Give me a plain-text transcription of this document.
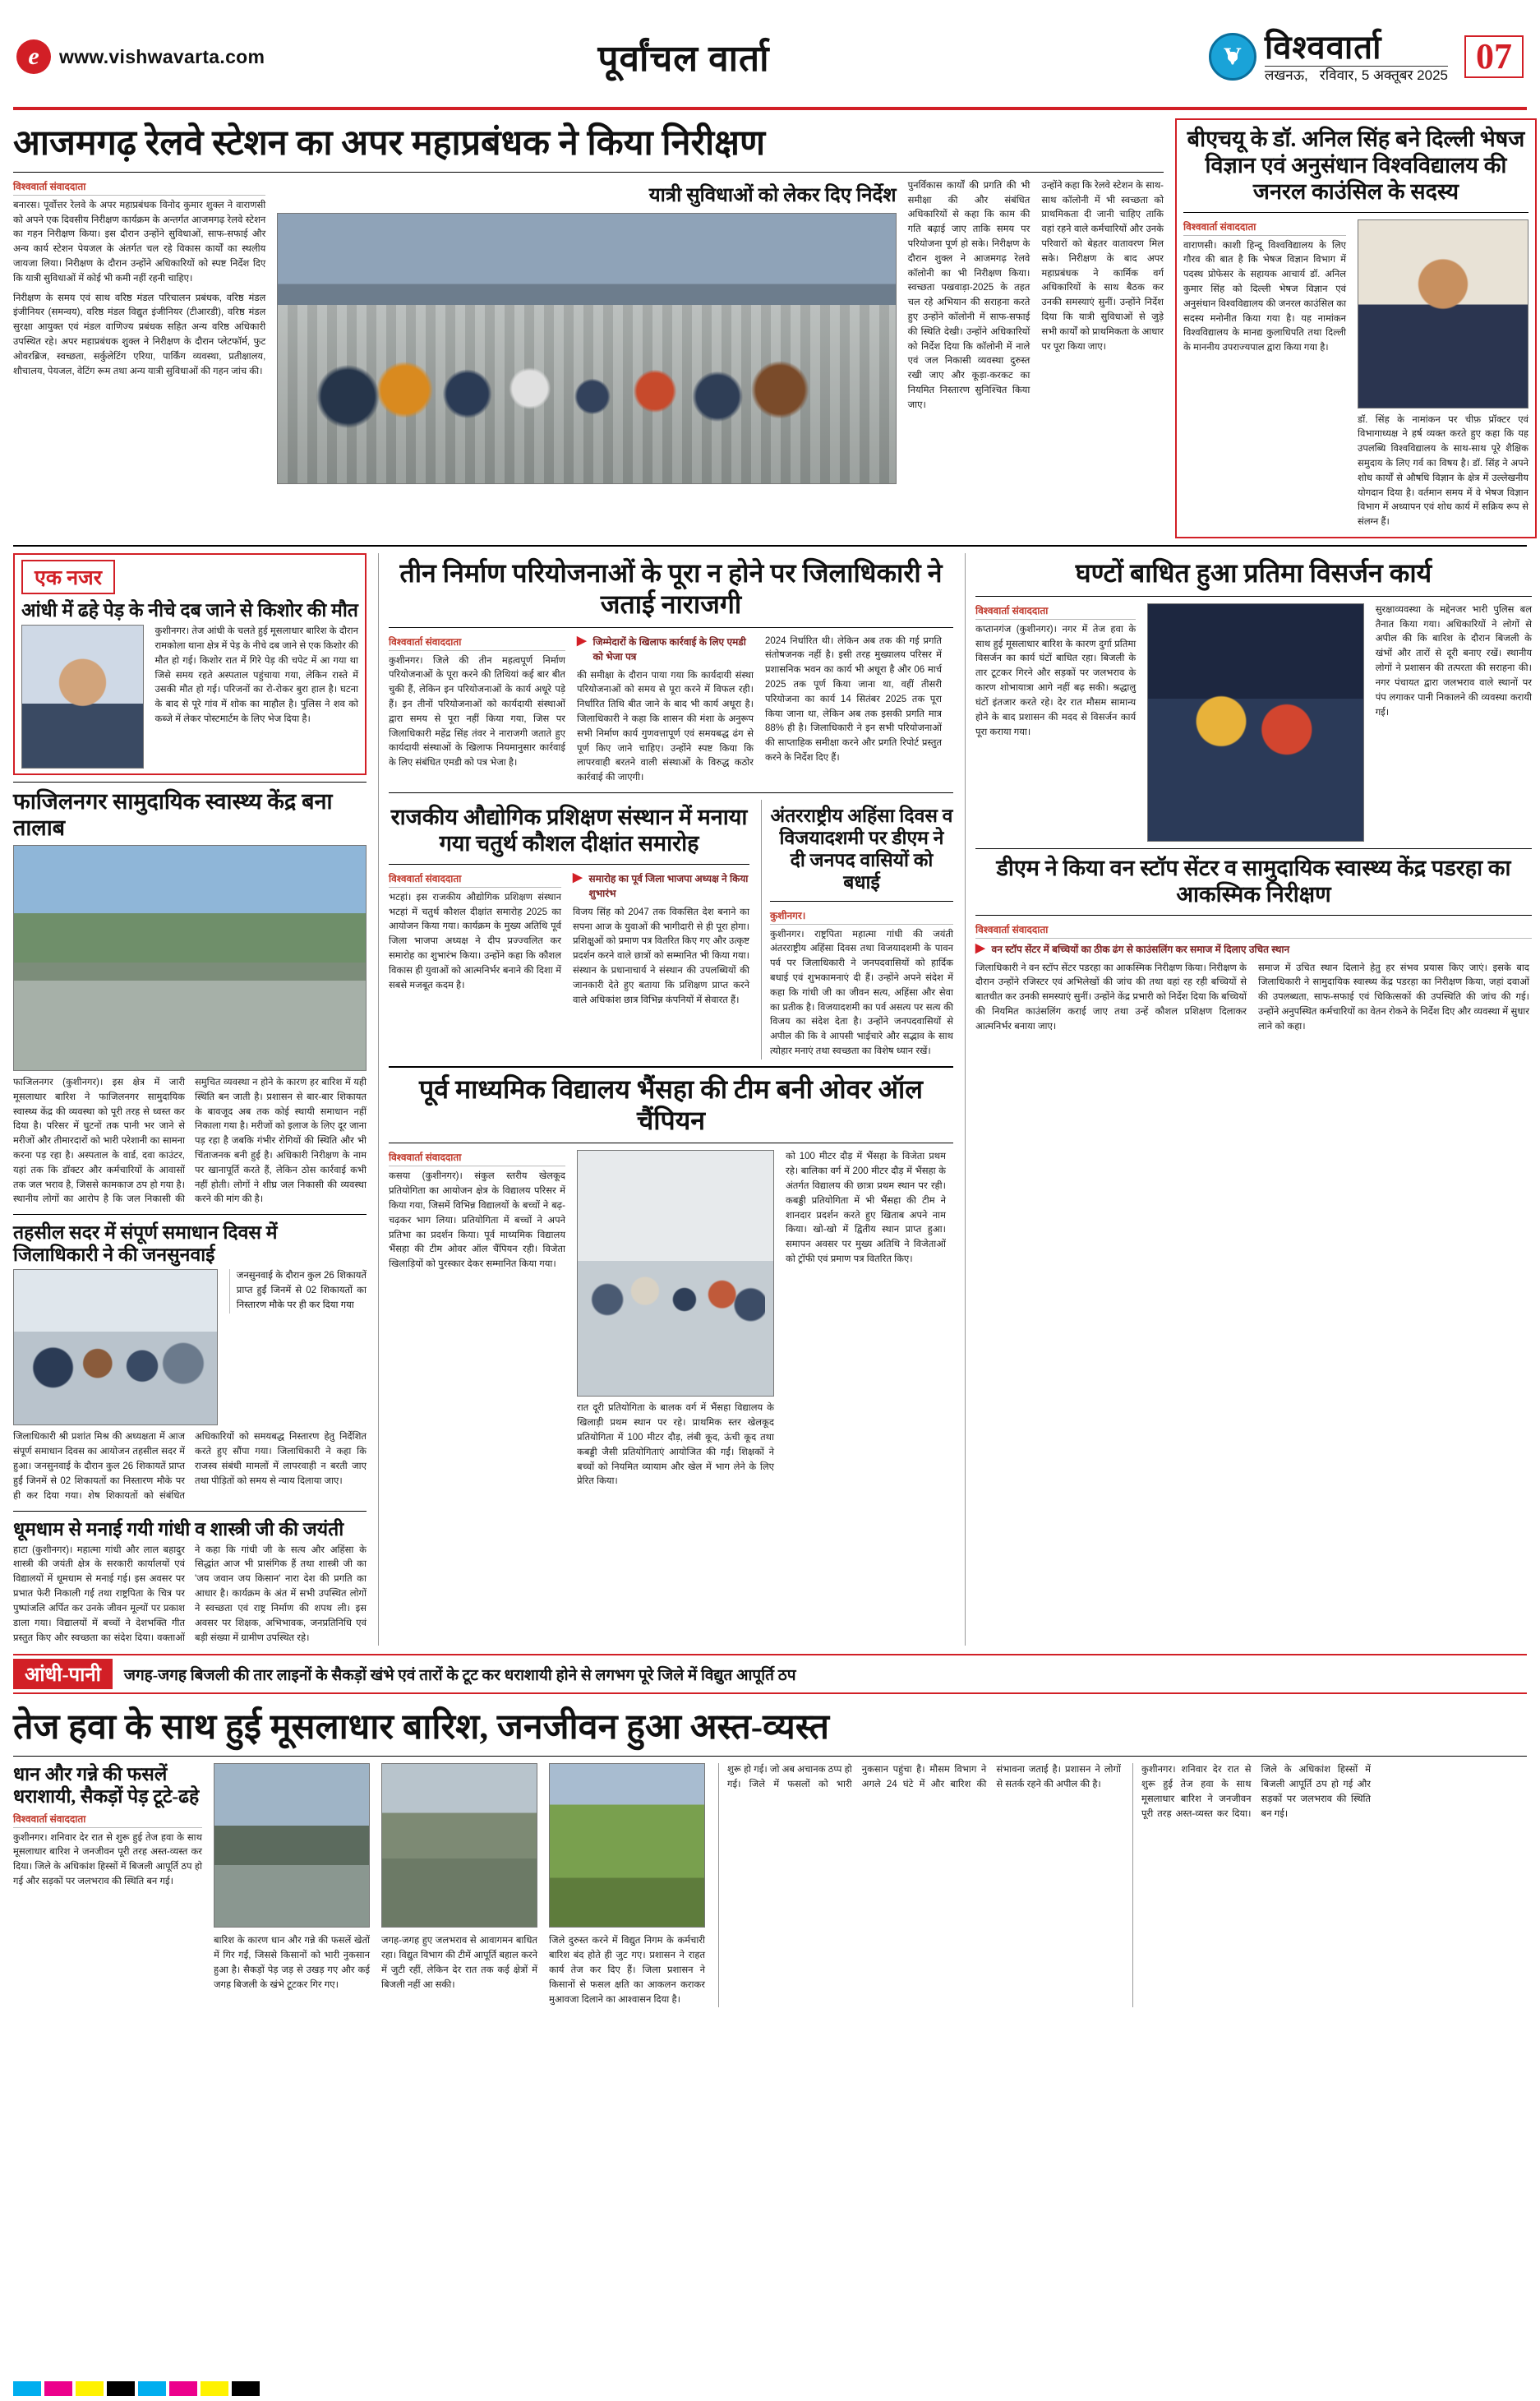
e	www.vishwavarta.com	पूर्वांचल वार्ता V	विश्ववार्ता
लखनऊ, रविवार, 5 अक्तूबर 2025 07
आजमगढ़ रेलवे स्टेशन का अपर महाप्रबंधक ने किया निरीक्षण
विश्ववार्ता संवाददाता
बनारस। पूर्वोत्तर रेलवे के अपर महाप्रबंधक विनोद कुमार शुक्ल ने वाराणसी को अपने एक दिवसीय निरीक्षण कार्यक्रम के अन्तर्गत आजमगढ़ रेलवे स्टेशन का गहन निरीक्षण किया। इस दौरान उन्होंने सुविधाओं, साफ-सफाई और अन्य कार्य स्टेशन पेयजल के अंतर्गत चल रहे विकास कार्यों का स्थलीय जायजा लिया। निरीक्षण के दौरान उन्होंने अधिकारियों को स्पष्ट निर्देश दिए कि यात्री सुविधाओं में कोई भी कमी नहीं रहनी चाहिए।
निरीक्षण के समय एवं साथ वरिष्ठ मंडल परिचालन प्रबंधक, वरिष्ठ मंडल इंजीनियर (समन्वय), वरिष्ठ मंडल विद्युत इंजीनियर (टीआरडी), वरिष्ठ मंडल सुरक्षा आयुक्त एवं मंडल वाणिज्य प्रबंधक सहित अन्य वरिष्ठ अधिकारी उपस्थित रहे। अपर महाप्रबंधक शुक्ल ने निरीक्षण के दौरान प्लेटफॉर्म, फुट ओवरब्रिज, स्वच्छता, सर्कुलेटिंग एरिया, पार्किंग व्यवस्था, प्रतीक्षालय, शौचालय, पेयजल, वेटिंग रूम तथा अन्य यात्री सुविधाओं की गहन जांच की।
यात्री सुविधाओं को लेकर दिए निर्देश पुनर्विकास कार्यों की प्रगति की भी समीक्षा की और संबंधित अधिकारियों से कहा कि काम की गति बढ़ाई जाए ताकि समय पर परियोजना पूर्ण हो सके। निरीक्षण के दौरान शुक्ल ने आजमगढ़ रेलवे कॉलोनी का भी निरीक्षण किया। स्वच्छता पखवाड़ा-2025 के तहत चल रहे अभियान की सराहना करते हुए उन्होंने कॉलोनी में साफ-सफाई की स्थिति देखी। उन्होंने अधिकारियों को निर्देश दिया कि कॉलोनी में नाले एवं जल निकासी व्यवस्था दुरुस्त रखी जाए और कूड़ा-करकट का नियमित निस्तारण सुनिश्चित किया जाए।
उन्होंने कहा कि रेलवे स्टेशन के साथ-साथ कॉलोनी में भी स्वच्छता को प्राथमिकता दी जानी चाहिए ताकि वहां रहने वाले कर्मचारियों और उनके परिवारों को बेहतर वातावरण मिल सके। निरीक्षण के बाद अपर महाप्रबंधक ने कार्मिक वर्ग अधिकारियों के साथ बैठक कर उनकी समस्याएं सुनीं। उन्होंने निर्देश दिया कि यात्री सुविधाओं से जुड़े सभी कार्यों को प्राथमिकता के आधार पर पूरा किया जाए।
बीएचयू के डॉ. अनिल सिंह बने दिल्ली भेषज विज्ञान एवं अनुसंधान विश्वविद्यालय की जनरल काउंसिल के सदस्य
विश्ववार्ता संवाददाता
वाराणसी। काशी हिन्दू विश्वविद्यालय के लिए गौरव की बात है कि भेषज विज्ञान विभाग में पदस्थ प्रोफेसर के सहायक आचार्य डॉ. अनिल कुमार सिंह को दिल्ली भेषज विज्ञान एवं अनुसंधान विश्वविद्यालय की जनरल काउंसिल का सदस्य मनोनीत किया गया है। यह नामांकन विश्वविद्यालय के मानद्य कुलाधिपति तथा दिल्ली के माननीय उपराज्यपाल द्वारा किया गया है।
डॉ. सिंह के नामांकन पर चीफ़ प्रॉक्टर एवं विभागाध्यक्ष ने हर्ष व्यक्त करते हुए कहा कि यह उपलब्धि विश्वविद्यालय के साथ-साथ पूरे शैक्षिक समुदाय के लिए गर्व का विषय है। डॉ. सिंह ने अपने शोध कार्यों से औषधि विज्ञान के क्षेत्र में उल्लेखनीय योगदान दिया है। वर्तमान समय में वे भेषज विज्ञान विभाग में अध्यापन एवं शोध कार्य में सक्रिय रूप से संलग्न हैं।
एक नजर
आंधी में ढहे पेड़ के नीचे दब जाने से किशोर की मौत
कुशीनगर। तेज आंधी के चलते हुई मूसलाधार बारिश के दौरान रामकोला थाना क्षेत्र में पेड़ के नीचे दब जाने से एक किशोर की मौत हो गई। किशोर रात में गिरे पेड़ की चपेट में आ गया था जिसे समय रहते अस्पताल पहुंचाया गया, लेकिन रास्ते में उसकी मौत हो गई। परिजनों का रो-रोकर बुरा हाल है। घटना के बाद से पूरे गांव में शोक का माहौल है। पुलिस ने शव को कब्जे में लेकर पोस्टमार्टम के लिए भेज दिया है।
फाजिलनगर सामुदायिक स्वास्थ्य केंद्र बना तालाब
फाजिलनगर (कुशीनगर)। इस क्षेत्र में जारी मूसलाधार बारिश ने फाजिलनगर सामुदायिक स्वास्थ्य केंद्र की व्यवस्था को पूरी तरह से ध्वस्त कर दिया है। परिसर में घुटनों तक पानी भर जाने से मरीजों और तीमारदारों को भारी परेशानी का सामना करना पड़ रहा है। अस्पताल के वार्ड, दवा काउंटर, यहां तक कि डॉक्टर और कर्मचारियों के आवासों तक जल भराव है, जिससे कामकाज ठप हो गया है। स्थानीय लोगों का आरोप है कि जल निकासी की समुचित व्यवस्था न होने के कारण हर बारिश में यही स्थिति बन जाती है। प्रशासन से बार-बार शिकायत के बावजूद अब तक कोई स्थायी समाधान नहीं निकाला गया है। मरीजों को इलाज के लिए दूर जाना पड़ रहा है जबकि गंभीर रोगियों की स्थिति और भी चिंताजनक बनी हुई है। अधिकारी निरीक्षण के नाम पर खानापूर्ति करते हैं, लेकिन ठोस कार्रवाई कभी नहीं होती। लोगों ने शीघ्र जल निकासी की व्यवस्था करने की मांग की है।
तहसील सदर में संपूर्ण समाधान दिवस में जिलाधिकारी ने की जनसुनवाई
जनसुनवाई के दौरान कुल 26 शिकायतें प्राप्त हुईं जिनमें से 02 शिकायतों का निस्तारण मौके पर ही कर दिया गया
जिलाधिकारी श्री प्रशांत मिश्र की अध्यक्षता में आज संपूर्ण समाधान दिवस का आयोजन तहसील सदर में हुआ। जनसुनवाई के दौरान कुल 26 शिकायतें प्राप्त हुईं जिनमें से 02 शिकायतों का निस्तारण मौके पर ही कर दिया गया। शेष शिकायतों को संबंधित अधिकारियों को समयबद्ध निस्तारण हेतु निर्देशित करते हुए सौंपा गया। जिलाधिकारी ने कहा कि राजस्व संबंधी मामलों में लापरवाही न बरती जाए तथा पीड़ितों को समय से न्याय दिलाया जाए।
धूमधाम से मनाई गयी गांधी व शास्त्री जी की जयंती
हाटा (कुशीनगर)। महात्मा गांधी और लाल बहादुर शास्त्री की जयंती क्षेत्र के सरकारी कार्यालयों एवं विद्यालयों में धूमधाम से मनाई गई। इस अवसर पर प्रभात फेरी निकाली गई तथा राष्ट्रपिता के चित्र पर पुष्पांजलि अर्पित कर उनके जीवन मूल्यों पर प्रकाश डाला गया। विद्यालयों में बच्चों ने देशभक्ति गीत प्रस्तुत किए और स्वच्छता का संदेश दिया। वक्ताओं ने कहा कि गांधी जी के सत्य और अहिंसा के सिद्धांत आज भी प्रासंगिक हैं तथा शास्त्री जी का 'जय जवान जय किसान' नारा देश की प्रगति का आधार है। कार्यक्रम के अंत में सभी उपस्थित लोगों ने स्वच्छता एवं राष्ट्र निर्माण की शपथ ली। इस अवसर पर शिक्षक, अभिभावक, जनप्रतिनिधि एवं बड़ी संख्या में ग्रामीण उपस्थित रहे।
तीन निर्माण परियोजनाओं के पूरा न होने पर जिलाधिकारी ने जताई नाराजगी
विश्ववार्ता संवाददाता
कुशीनगर। जिले की तीन महत्वपूर्ण निर्माण परियोजनाओं के पूरा करने की तिथियां कई बार बीत चुकी हैं, लेकिन इन परियोजनाओं के कार्य अधूरे पड़े हैं। इन तीनों परियोजनाओं को कार्यदायी संस्थाओं द्वारा समय से पूरा नहीं किया गया, जिस पर जिलाधिकारी महेंद्र सिंह तंवर ने नाराजगी जताते हुए कार्यदायी संस्थाओं के खिलाफ नियमानुसार कार्रवाई के लिए संबंधित एमडी को पत्र भेजा है।
▶ जिम्मेदारों के खिलाफ कार्रवाई के लिए एमडी को भेजा पत्र
की समीक्षा के दौरान पाया गया कि कार्यदायी संस्था परियोजनाओं को समय से पूरा करने में विफल रही। निर्धारित तिथि बीत जाने के बाद भी कार्य अधूरा है। जिलाधिकारी ने कहा कि शासन की मंशा के अनुरूप सभी निर्माण कार्य गुणवत्तापूर्ण एवं समयबद्ध ढंग से पूर्ण किए जाने चाहिए। उन्होंने स्पष्ट किया कि लापरवाही बरतने वाली संस्थाओं के विरुद्ध कठोर कार्रवाई की जाएगी।
2024 निर्धारित थी। लेकिन अब तक की गई प्रगति संतोषजनक नहीं है। इसी तरह मुख्यालय परिसर में प्रशासनिक भवन का कार्य भी अधूरा है और 06 मार्च 2025 तक पूर्ण किया जाना था, वहीं तीसरी परियोजना का कार्य 14 सितंबर 2025 तक पूरा किया जाना था, लेकिन अब तक इसकी प्रगति मात्र 88% ही है। जिलाधिकारी ने इन सभी परियोजनाओं की साप्ताहिक समीक्षा करने और प्रगति रिपोर्ट प्रस्तुत करने के निर्देश दिए हैं।
राजकीय औद्योगिक प्रशिक्षण संस्थान में मनाया गया चतुर्थ कौशल दीक्षांत समारोह
विश्ववार्ता संवाददाता
भटहां। इस राजकीय औद्योगिक प्रशिक्षण संस्थान भटहां में चतुर्थ कौशल दीक्षांत समारोह 2025 का आयोजन किया गया। कार्यक्रम के मुख्य अतिथि पूर्व जिला भाजपा अध्यक्ष ने दीप प्रज्ज्वलित कर समारोह का शुभारंभ किया। उन्होंने कहा कि कौशल विकास ही युवाओं को आत्मनिर्भर बनाने की दिशा में सबसे मजबूत कदम है।
▶ समारोह का पूर्व जिला भाजपा अध्यक्ष ने किया शुभारंभ
विजय सिंह को 2047 तक विकसित देश बनाने का सपना आज के युवाओं की भागीदारी से ही पूरा होगा। प्रशिक्षुओं को प्रमाण पत्र वितरित किए गए और उत्कृष्ट प्रदर्शन करने वाले छात्रों को सम्मानित भी किया गया। संस्थान के प्रधानाचार्य ने संस्थान की उपलब्धियों की जानकारी देते हुए बताया कि प्रशिक्षण प्राप्त करने वाले अधिकांश छात्र विभिन्न कंपनियों में सेवारत हैं।
अंतरराष्ट्रीय अहिंसा दिवस व विजयादशमी पर डीएम ने दी जनपद वासियों को बधाई
कुशीनगर।
कुशीनगर। राष्ट्रपिता महात्मा गांधी की जयंती अंतरराष्ट्रीय अहिंसा दिवस तथा विजयादशमी के पावन पर्व पर जिलाधिकारी ने जनपदवासियों को हार्दिक बधाई एवं शुभकामनाएं दी हैं। उन्होंने अपने संदेश में कहा कि गांधी जी का जीवन सत्य, अहिंसा और सेवा का प्रतीक है। विजयादशमी का पर्व असत्य पर सत्य की विजय का संदेश देता है। उन्होंने जनपदवासियों से अपील की कि वे आपसी भाईचारे और सद्भाव के साथ त्योहार मनाएं तथा स्वच्छता का विशेष ध्यान रखें।
पूर्व माध्यमिक विद्यालय भैंसहा की टीम बनी ओवर ऑल चैंपियन
विश्ववार्ता संवाददाता
कसया (कुशीनगर)। संकुल स्तरीय खेलकूद प्रतियोगिता का आयोजन क्षेत्र के विद्यालय परिसर में किया गया, जिसमें विभिन्न विद्यालयों के बच्चों ने बढ़-चढ़कर भाग लिया। प्रतियोगिता में बच्चों ने अपने प्रतिभा का प्रदर्शन किया। पूर्व माध्यमिक विद्यालय भैंसहा की टीम ओवर ऑल चैंपियन रही। विजेता खिलाड़ियों को पुरस्कार देकर सम्मानित किया गया।
रात दूरी प्रतियोगिता के बालक वर्ग में भैंसहा विद्यालय के खिलाड़ी प्रथम स्थान पर रहे। प्राथमिक स्तर खेलकूद प्रतियोगिता में 100 मीटर दौड़, लंबी कूद, ऊंची कूद तथा कबड्डी जैसी प्रतियोगिताएं आयोजित की गईं। शिक्षकों ने बच्चों को नियमित व्यायाम और खेल में भाग लेने के लिए प्रेरित किया।
को 100 मीटर दौड़ में भैंसहा के विजेता प्रथम रहे। बालिका वर्ग में 200 मीटर दौड़ में भैंसहा के अंतर्गत विद्यालय की छात्रा प्रथम स्थान पर रही। कबड्डी प्रतियोगिता में भी भैंसहा की टीम ने शानदार प्रदर्शन करते हुए खिताब अपने नाम किया। खो-खो में द्वितीय स्थान प्राप्त हुआ। समापन अवसर पर मुख्य अतिथि ने विजेताओं को ट्रॉफी एवं प्रमाण पत्र वितरित किए।
घण्टों बाधित हुआ प्रतिमा विसर्जन कार्य
विश्ववार्ता संवाददाता
कप्तानगंज (कुशीनगर)। नगर में तेज हवा के साथ हुई मूसलाधार बारिश के कारण दुर्गा प्रतिमा विसर्जन का कार्य घंटों बाधित रहा। बिजली के तार टूटकर गिरने और सड़कों पर जलभराव के कारण शोभायात्रा आगे नहीं बढ़ सकी। श्रद्धालु घंटों इंतजार करते रहे। देर रात मौसम सामान्य होने के बाद प्रशासन की मदद से विसर्जन कार्य पूरा कराया गया।
सुरक्षाव्यवस्था के मद्देनजर भारी पुलिस बल तैनात किया गया। अधिकारियों ने लोगों से अपील की कि बारिश के दौरान बिजली के खंभों और तारों से दूरी बनाए रखें। स्थानीय लोगों ने प्रशासन की तत्परता की सराहना की। नगर पंचायत द्वारा जलभराव वाले स्थानों पर पंप लगाकर पानी निकालने की व्यवस्था करायी गई।
डीएम ने किया वन स्टॉप सेंटर व सामुदायिक स्वास्थ्य केंद्र पडरहा का आकस्मिक निरीक्षण
विश्ववार्ता संवाददाता
▶ वन स्टॉप सेंटर में बच्चियों का ठीक ढंग से काउंसलिंग कर समाज में दिलाए उचित स्थान
जिलाधिकारी ने वन स्टॉप सेंटर पडरहा का आकस्मिक निरीक्षण किया। निरीक्षण के दौरान उन्होंने रजिस्टर एवं अभिलेखों की जांच की तथा वहां रह रही बच्चियों से बातचीत कर उनकी समस्याएं सुनीं। उन्होंने केंद्र प्रभारी को निर्देश दिया कि बच्चियों की नियमित काउंसलिंग कराई जाए तथा उन्हें कौशल प्रशिक्षण दिलाकर आत्मनिर्भर बनाया जाए।
समाज में उचित स्थान दिलाने हेतु हर संभव प्रयास किए जाएं। इसके बाद जिलाधिकारी ने सामुदायिक स्वास्थ्य केंद्र पडरहा का निरीक्षण किया, जहां दवाओं की उपलब्धता, साफ-सफाई एवं चिकित्सकों की उपस्थिति की जांच की गई। उन्होंने अनुपस्थित कर्मचारियों का वेतन रोकने के निर्देश दिए और व्यवस्था में सुधार लाने को कहा।
आंधी-पानी	जगह-जगह बिजली की तार लाइनों के सैकड़ों खंभे एवं तारों के टूट कर धराशायी होने से लगभग पूरे जिले में विद्युत आपूर्ति ठप
तेज हवा के साथ हुई मूसलाधार बारिश, जनजीवन हुआ अस्त-व्यस्त
धान और गन्ने की फसलें धराशायी, सैकड़ों पेड़ टूटे-ढहे
विश्ववार्ता संवाददाता
कुशीनगर। शनिवार देर रात से शुरू हुई तेज हवा के साथ मूसलाधार बारिश ने जनजीवन पूरी तरह अस्त-व्यस्त कर दिया। जिले के अधिकांश हिस्सों में बिजली आपूर्ति ठप हो गई और सड़कों पर जलभराव की स्थिति बन गई।
बारिश के कारण धान और गन्ने की फसलें खेतों में गिर गईं, जिससे किसानों को भारी नुकसान हुआ है। सैकड़ों पेड़ जड़ से उखड़ गए और कई जगह बिजली के खंभे टूटकर गिर गए।
जगह-जगह हुए जलभराव से आवागमन बाधित रहा। विद्युत विभाग की टीमें आपूर्ति बहाल करने में जुटी रहीं, लेकिन देर रात तक कई क्षेत्रों में बिजली नहीं आ सकी।
जिले दुरुस्त करने में विद्युत निगम के कर्मचारी बारिश बंद होते ही जुट गए। प्रशासन ने राहत कार्य तेज कर दिए हैं। जिला प्रशासन ने किसानों से फसल क्षति का आकलन कराकर मुआवजा दिलाने का आश्वासन दिया है।
शुरू हो गई। जो अब अचानक ठप्प हो गई। जिले में फसलों को भारी नुकसान पहुंचा है। मौसम विभाग ने अगले 24 घंटे में और बारिश की संभावना जताई है। प्रशासन ने लोगों से सतर्क रहने की अपील की है।
कुशीनगर। शनिवार देर रात से शुरू हुई तेज हवा के साथ मूसलाधार बारिश ने जनजीवन पूरी तरह अस्त-व्यस्त कर दिया। जिले के अधिकांश हिस्सों में बिजली आपूर्ति ठप हो गई और सड़कों पर जलभराव की स्थिति बन गई।
